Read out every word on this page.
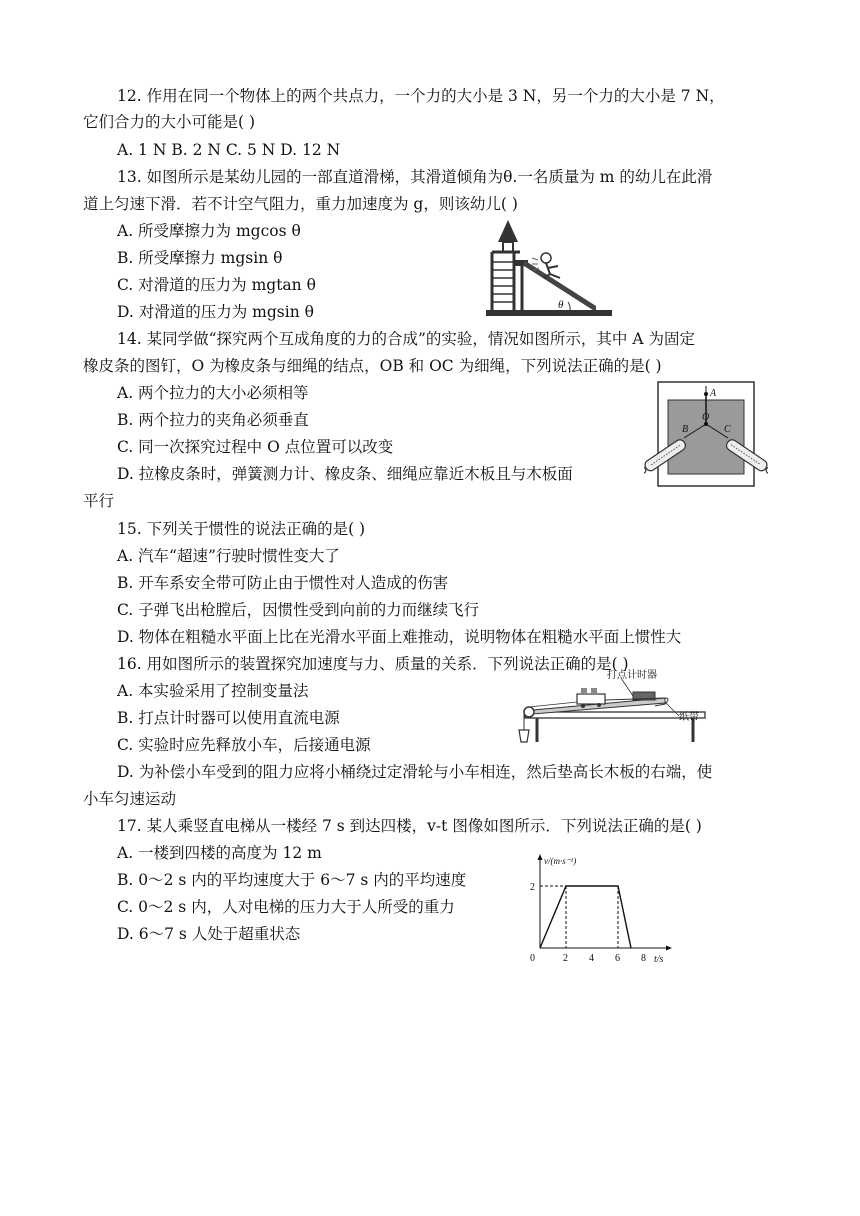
12. 作用在同一个物体上的两个共点力，一个力的大小是 3 N，另一个力的大小是 7 N，
它们合力的大小可能是( )
A. 1 N B. 2 N C. 5 N D. 12 N
13. 如图所示是某幼儿园的一部直道滑梯，其滑道倾角为θ.一名质量为 m 的幼儿在此滑
道上匀速下滑．若不计空气阻力，重力加速度为 g，则该幼儿( )
A. 所受摩擦力为 mgcos θ
B. 所受摩擦力 mgsin θ
C. 对滑道的压力为 mgtan θ
D. 对滑道的压力为 mgsin θ	θ
14. 某同学做“探究两个互成角度的力的合成”的实验，情况如图所示，其中 A 为固定
橡皮条的图钉，O 为橡皮条与细绳的结点，OB 和 OC 为细绳，下列说法正确的是( )
A. 两个拉力的大小必须相等
B. 两个拉力的夹角必须垂直
C. 同一次探究过程中 O 点位置可以改变
D. 拉橡皮条时，弹簧测力计、橡皮条、细绳应靠近木板且与木板面
平行
A
O
B	C
15. 下列关于惯性的说法正确的是( )
A. 汽车“超速”行驶时惯性变大了
B. 开车系安全带可防止由于惯性对人造成的伤害
C. 子弹飞出枪膛后，因惯性受到向前的力而继续飞行
D. 物体在粗糙水平面上比在光滑水平面上难推动，说明物体在粗糙水平面上惯性大
16. 用如图所示的装置探究加速度与力、质量的关系．下列说法正确的是( )
A. 本实验采用了控制变量法
B. 打点计时器可以使用直流电源
C. 实验时应先释放小车，后接通电源
D. 为补偿小车受到的阻力应将小桶绕过定滑轮与小车相连，然后垫高长木板的右端，使
小车匀速运动
打点计时器
纸带
17. 某人乘竖直电梯从一楼经 7 s 到达四楼，v-t 图像如图所示．下列说法正确的是( )
A. 一楼到四楼的高度为 12 m
B. 0～2 s 内的平均速度大于 6～7 s 内的平均速度
C. 0～2 s 内，人对电梯的压力大于人所受的重力
D. 6～7 s 人处于超重状态
v/(m·s⁻¹)
t/s
0	2 4 6 8
2
